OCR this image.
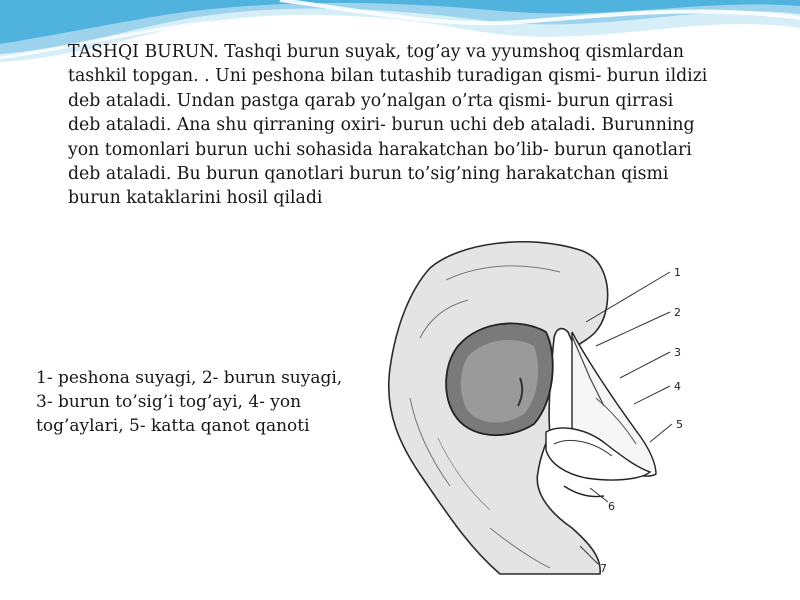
TASHQI BURUN. Tashqi burun suyak, tog’ay va yyumshoq qismlardan
tashkil topgan. . Uni peshona bilan tutashib turadigan qismi- burun ildizi
deb ataladi. Undan pastga qarab yo’nalgan o’rta qismi- burun qirrasi
deb ataladi. Ana shu qirraning oxiri- burun uchi deb ataladi. Burunning
yon tomonlari burun uchi sohasida harakatchan bo’lib- burun qanotlari
deb ataladi. Bu burun qanotlari burun to’sig’ning harakatchan qismi
burun kataklarini hosil qiladi

1
2
3
4
5
6
7

1- peshona suyagi, 2- burun suyagi,
3- burun to’sig’i tog’ayi, 4- yon
tog’aylari, 5- katta qanot qanoti
